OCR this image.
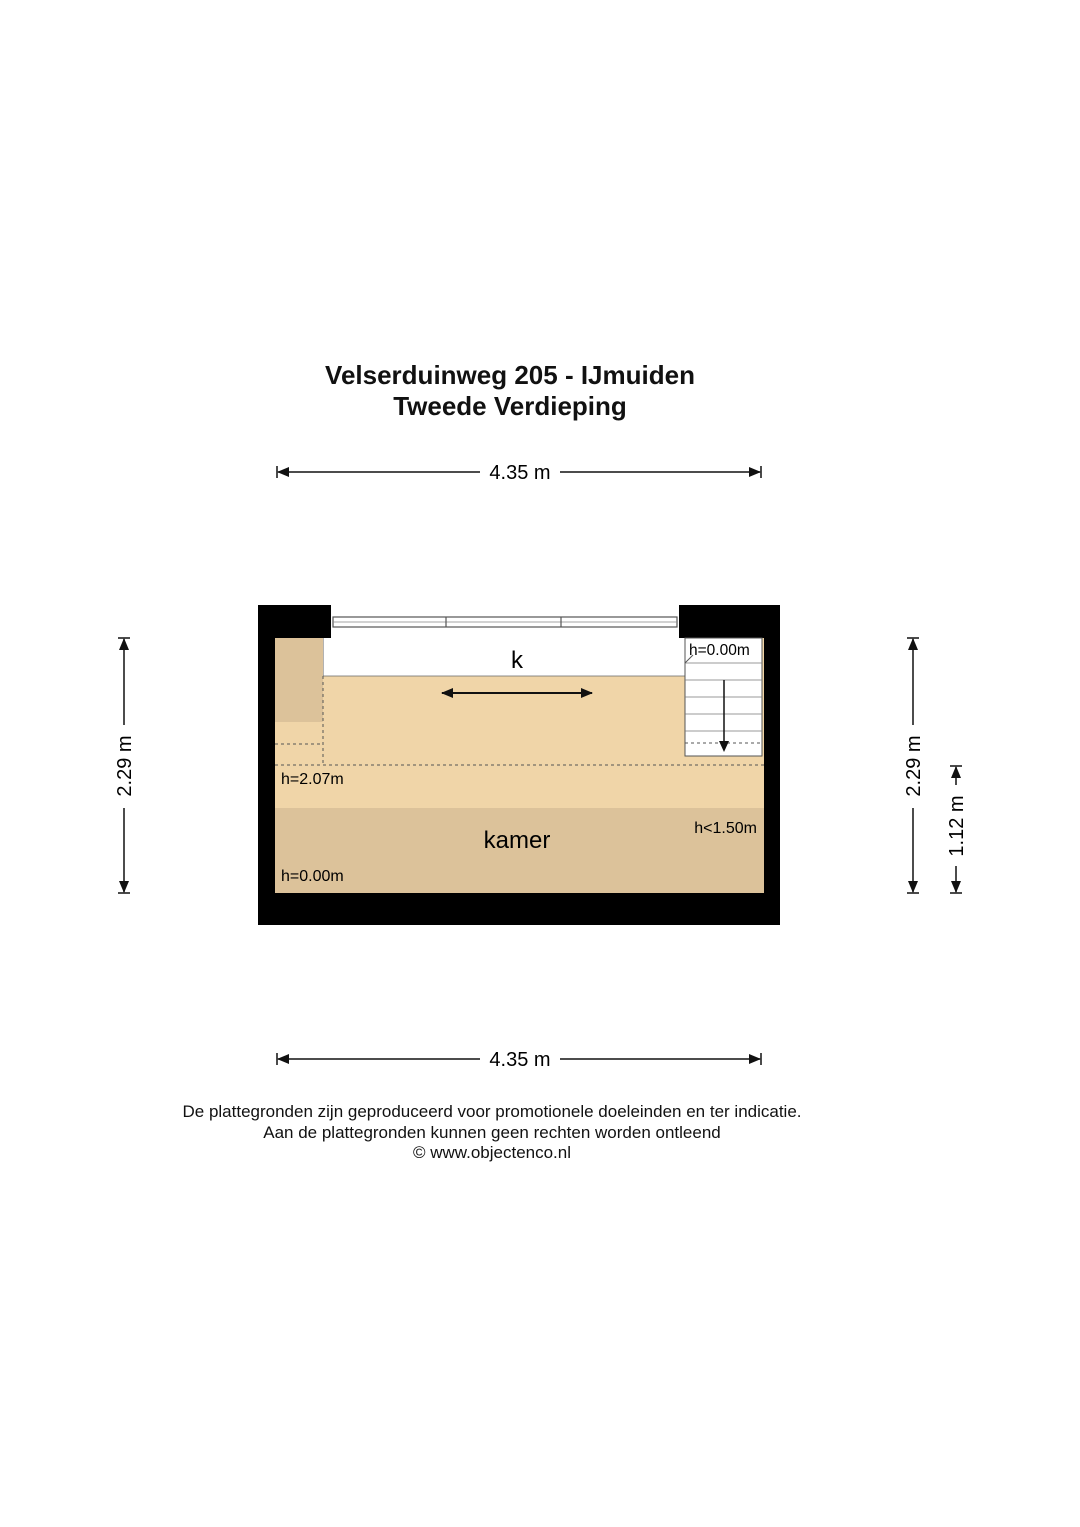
Velserduinweg 205 - IJmuiden
Tweede Verdieping
4.35 m
k	h=0.00m
h=2.07m
kamer	h<1.50m
h=0.00m
2.29 m	2.29 m
1.12 m
4.35 m
De plattegronden zijn geproduceerd voor promotionele doeleinden en ter indicatie.
Aan de plattegronden kunnen geen rechten worden ontleend
© www.objectenco.nl
